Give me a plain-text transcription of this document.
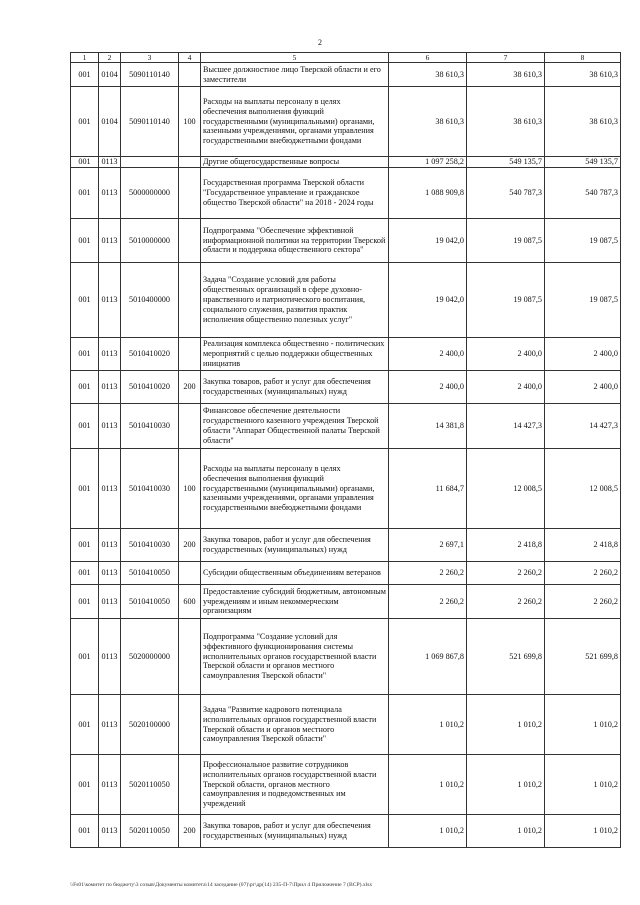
2
1	2	3	4	5	6	7	8
001	0104	5090110140		Высшее должностное лицо Тверской области и его заместители	38 610,3	38 610,3	38 610,3
001	0104	5090110140	100	Расходы на выплаты персоналу в целях обеспечения выполнения функций государственными (муниципальными) органами, казенными учреждениями, органами управления государственными внебюджетными фондами	38 610,3	38 610,3	38 610,3
001	0113			Другие общегосударственные вопросы	1 097 258,2	549 135,7	549 135,7
001	0113	5000000000		Государственная программа Тверской области "Государственное управление и гражданское общество Тверской области" на 2018 - 2024 годы	1 088 909,8	540 787,3	540 787,3
001	0113	5010000000		Подпрограмма "Обеспечение эффективной информационной политики на территории Тверской области и поддержка общественного сектора"	19 042,0	19 087,5	19 087,5
001	0113	5010400000		Задача "Создание условий для работы общественных организаций в сфере духовно-нравственного и патриотического воспитания, социального служения, развития практик исполнения общественно полезных услуг"	19 042,0	19 087,5	19 087,5
001	0113	5010410020		Реализация комплекса общественно - политических мероприятий с целью поддержки общественных инициатив	2 400,0	2 400,0	2 400,0
001	0113	5010410020	200	Закупка товаров, работ и услуг для обеспечения государственных (муниципальных) нужд	2 400,0	2 400,0	2 400,0
001	0113	5010410030		Финансовое обеспечение деятельности государственного казенного учреждения Тверской области "Аппарат Общественной палаты Тверской области"	14 381,8	14 427,3	14 427,3
001	0113	5010410030	100	Расходы на выплаты персоналу в целях обеспечения выполнения функций государственными (муниципальными) органами, казенными учреждениями, органами управления государственными внебюджетными фондами	11 684,7	12 008,5	12 008,5
001	0113	5010410030	200	Закупка товаров, работ и услуг для обеспечения государственных (муниципальных) нужд	2 697,1	2 418,8	2 418,8
001	0113	5010410050		Субсидии общественным объединениям ветеранов	2 260,2	2 260,2	2 260,2
001	0113	5010410050	600	Предоставление субсидий бюджетным, автономным учреждениям и иным некоммерческим организациям	2 260,2	2 260,2	2 260,2
001	0113	5020000000		Подпрограмма "Создание условий для эффективного функционирования системы исполнительных органов государственной власти Тверской области и органов местного самоуправления Тверской области"	1 069 867,8	521 699,8	521 699,8
001	0113	5020100000		Задача "Развитие кадрового потенциала исполнительных органов государственной власти Тверской области и органов местного самоуправления Тверской области"	1 010,2	1 010,2	1 010,2
001	0113	5020110050		Профессиональное развитие сотрудников исполнительных органов государственной власти Тверской области, органов местного самоуправления и подведомственных им учреждений	1 010,2	1 010,2	1 010,2
001	0113	5020110050	200	Закупка товаров, работ и услуг для обеспечения государственных (муниципальных) нужд	1 010,2	1 010,2	1 010,2
\\Fs01\комитет по бюджету\3 созыв\Документы комитета\14 заседание (07)\рг\др(14) 235-П-7\Прил 4 Приложение 7 (ВСР).xlsx
